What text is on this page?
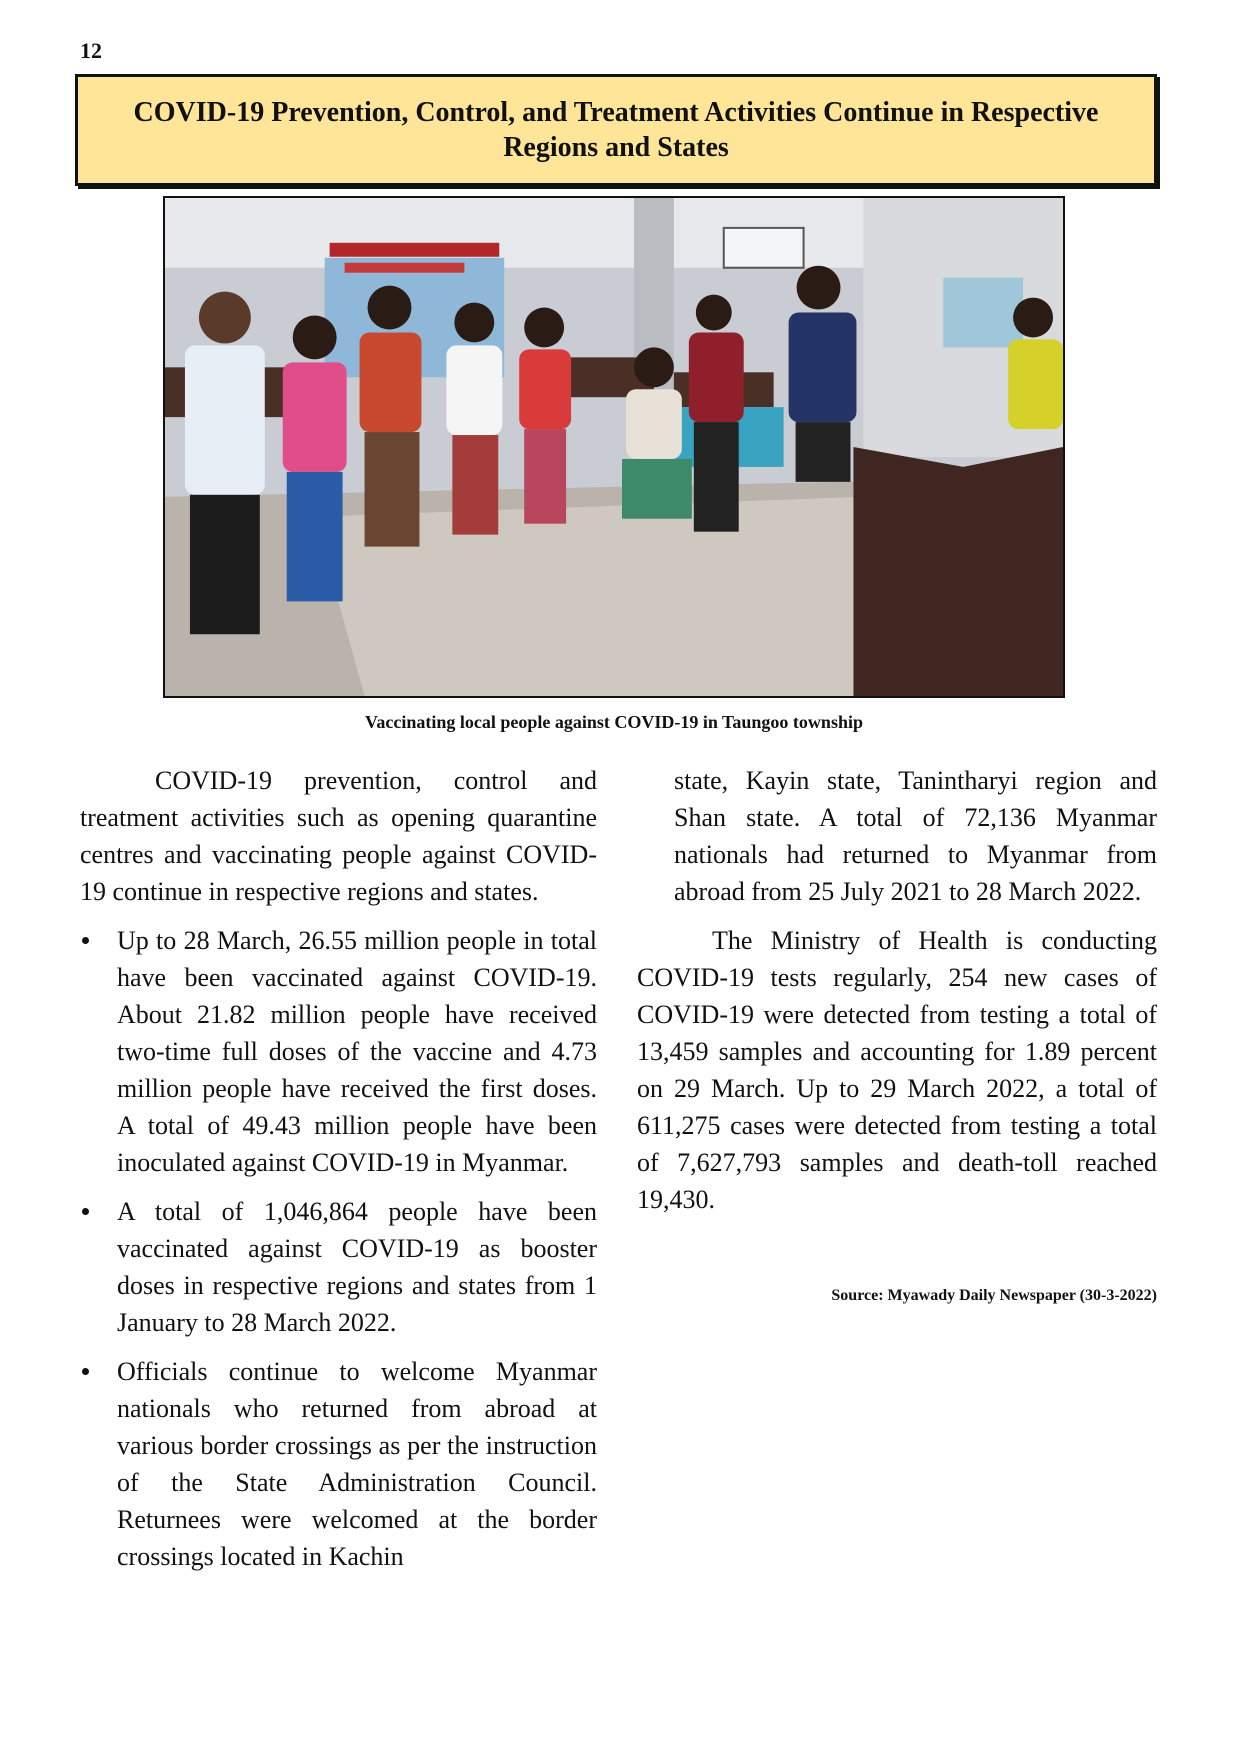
12
COVID-19 Prevention, Control, and Treatment Activities Continue in Respective Regions and States
Vaccinating local people against COVID-19 in Taungoo township

COVID-19 prevention, control and treatment activities such as opening quarantine centres and vaccinating people against COVID-19 continue in respective regions and states.

Up to 28 March, 26.55 million people in total have been vaccinated against COVID-19. About 21.82 million people have received two-time full doses of the vaccine and 4.73 million people have received the first doses. A total of 49.43 million people have been inoculated against COVID-19 in Myanmar.
A total of 1,046,864 people have been vaccinated against COVID-19 as booster doses in respective regions and states from 1 January to 28 March 2022.
Officials continue to welcome Myanmar nationals who returned from abroad at various border crossings as per the instruction of the State Administration Council. Returnees were welcomed at the border crossings located in Kachin

state, Kayin state, Tanintharyi region and Shan state. A total of 72,136 Myanmar nationals had returned to Myanmar from abroad from 25 July 2021 to 28 March 2022.

The Ministry of Health is conducting COVID-19 tests regularly, 254 new cases of COVID-19 were detected from testing a total of 13,459 samples and accounting for 1.89 percent on 29 March. Up to 29 March 2022, a total of 611,275 cases were detected from testing a total of 7,627,793 samples and death-toll reached 19,430.

Source: Myawady Daily Newspaper (30-3-2022)
